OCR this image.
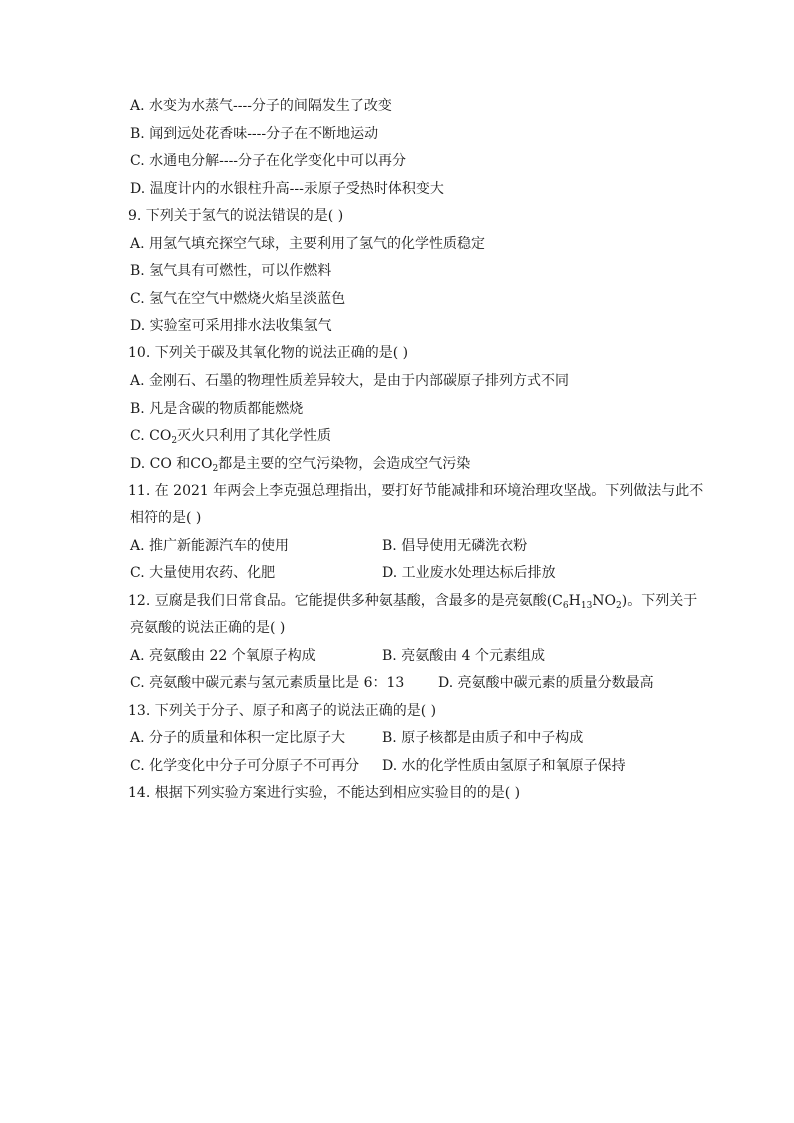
A. 水变为水蒸气----分子的间隔发生了改变
B. 闻到远处花香味----分子在不断地运动
C. 水通电分解----分子在化学变化中可以再分
D. 温度计内的水银柱升高---汞原子受热时体积变大
9. 下列关于氢气的说法错误的是( )
A. 用氢气填充探空气球，主要利用了氢气的化学性质稳定
B. 氢气具有可燃性，可以作燃料
C. 氢气在空气中燃烧火焰呈淡蓝色
D. 实验室可采用排水法收集氢气
10. 下列关于碳及其氧化物的说法正确的是( )
A. 金刚石、石墨的物理性质差异较大，是由于内部碳原子排列方式不同
B. 凡是含碳的物质都能燃烧
C. $CO_2$灭火只利用了其化学性质
D. CO 和$CO_2$都是主要的空气污染物，会造成空气污染
11. 在 2021 年两会上李克强总理指出，要打好节能减排和环境治理攻坚战。下列做法与此不
相符的是( )
A. 推广新能源汽车的使用	B. 倡导使用无磷洗衣粉
C. 大量使用农药、化肥	D. 工业废水处理达标后排放
12. 豆腐是我们日常食品。它能提供多种氨基酸，含最多的是亮氨酸$(C_6H_{13}NO_2)$。下列关于
亮氨酸的说法正确的是( )
A. 亮氨酸由 22 个氧原子构成	B. 亮氨酸由 4 个元素组成
C. 亮氨酸中碳元素与氢元素质量比是 6：13 D. 亮氨酸中碳元素的质量分数最高
13. 下列关于分子、原子和离子的说法正确的是( )
A. 分子的质量和体积一定比原子大	B. 原子核都是由质子和中子构成
C. 化学变化中分子可分原子不可再分 D. 水的化学性质由氢原子和氧原子保持
14. 根据下列实验方案进行实验，不能达到相应实验目的的是( )
